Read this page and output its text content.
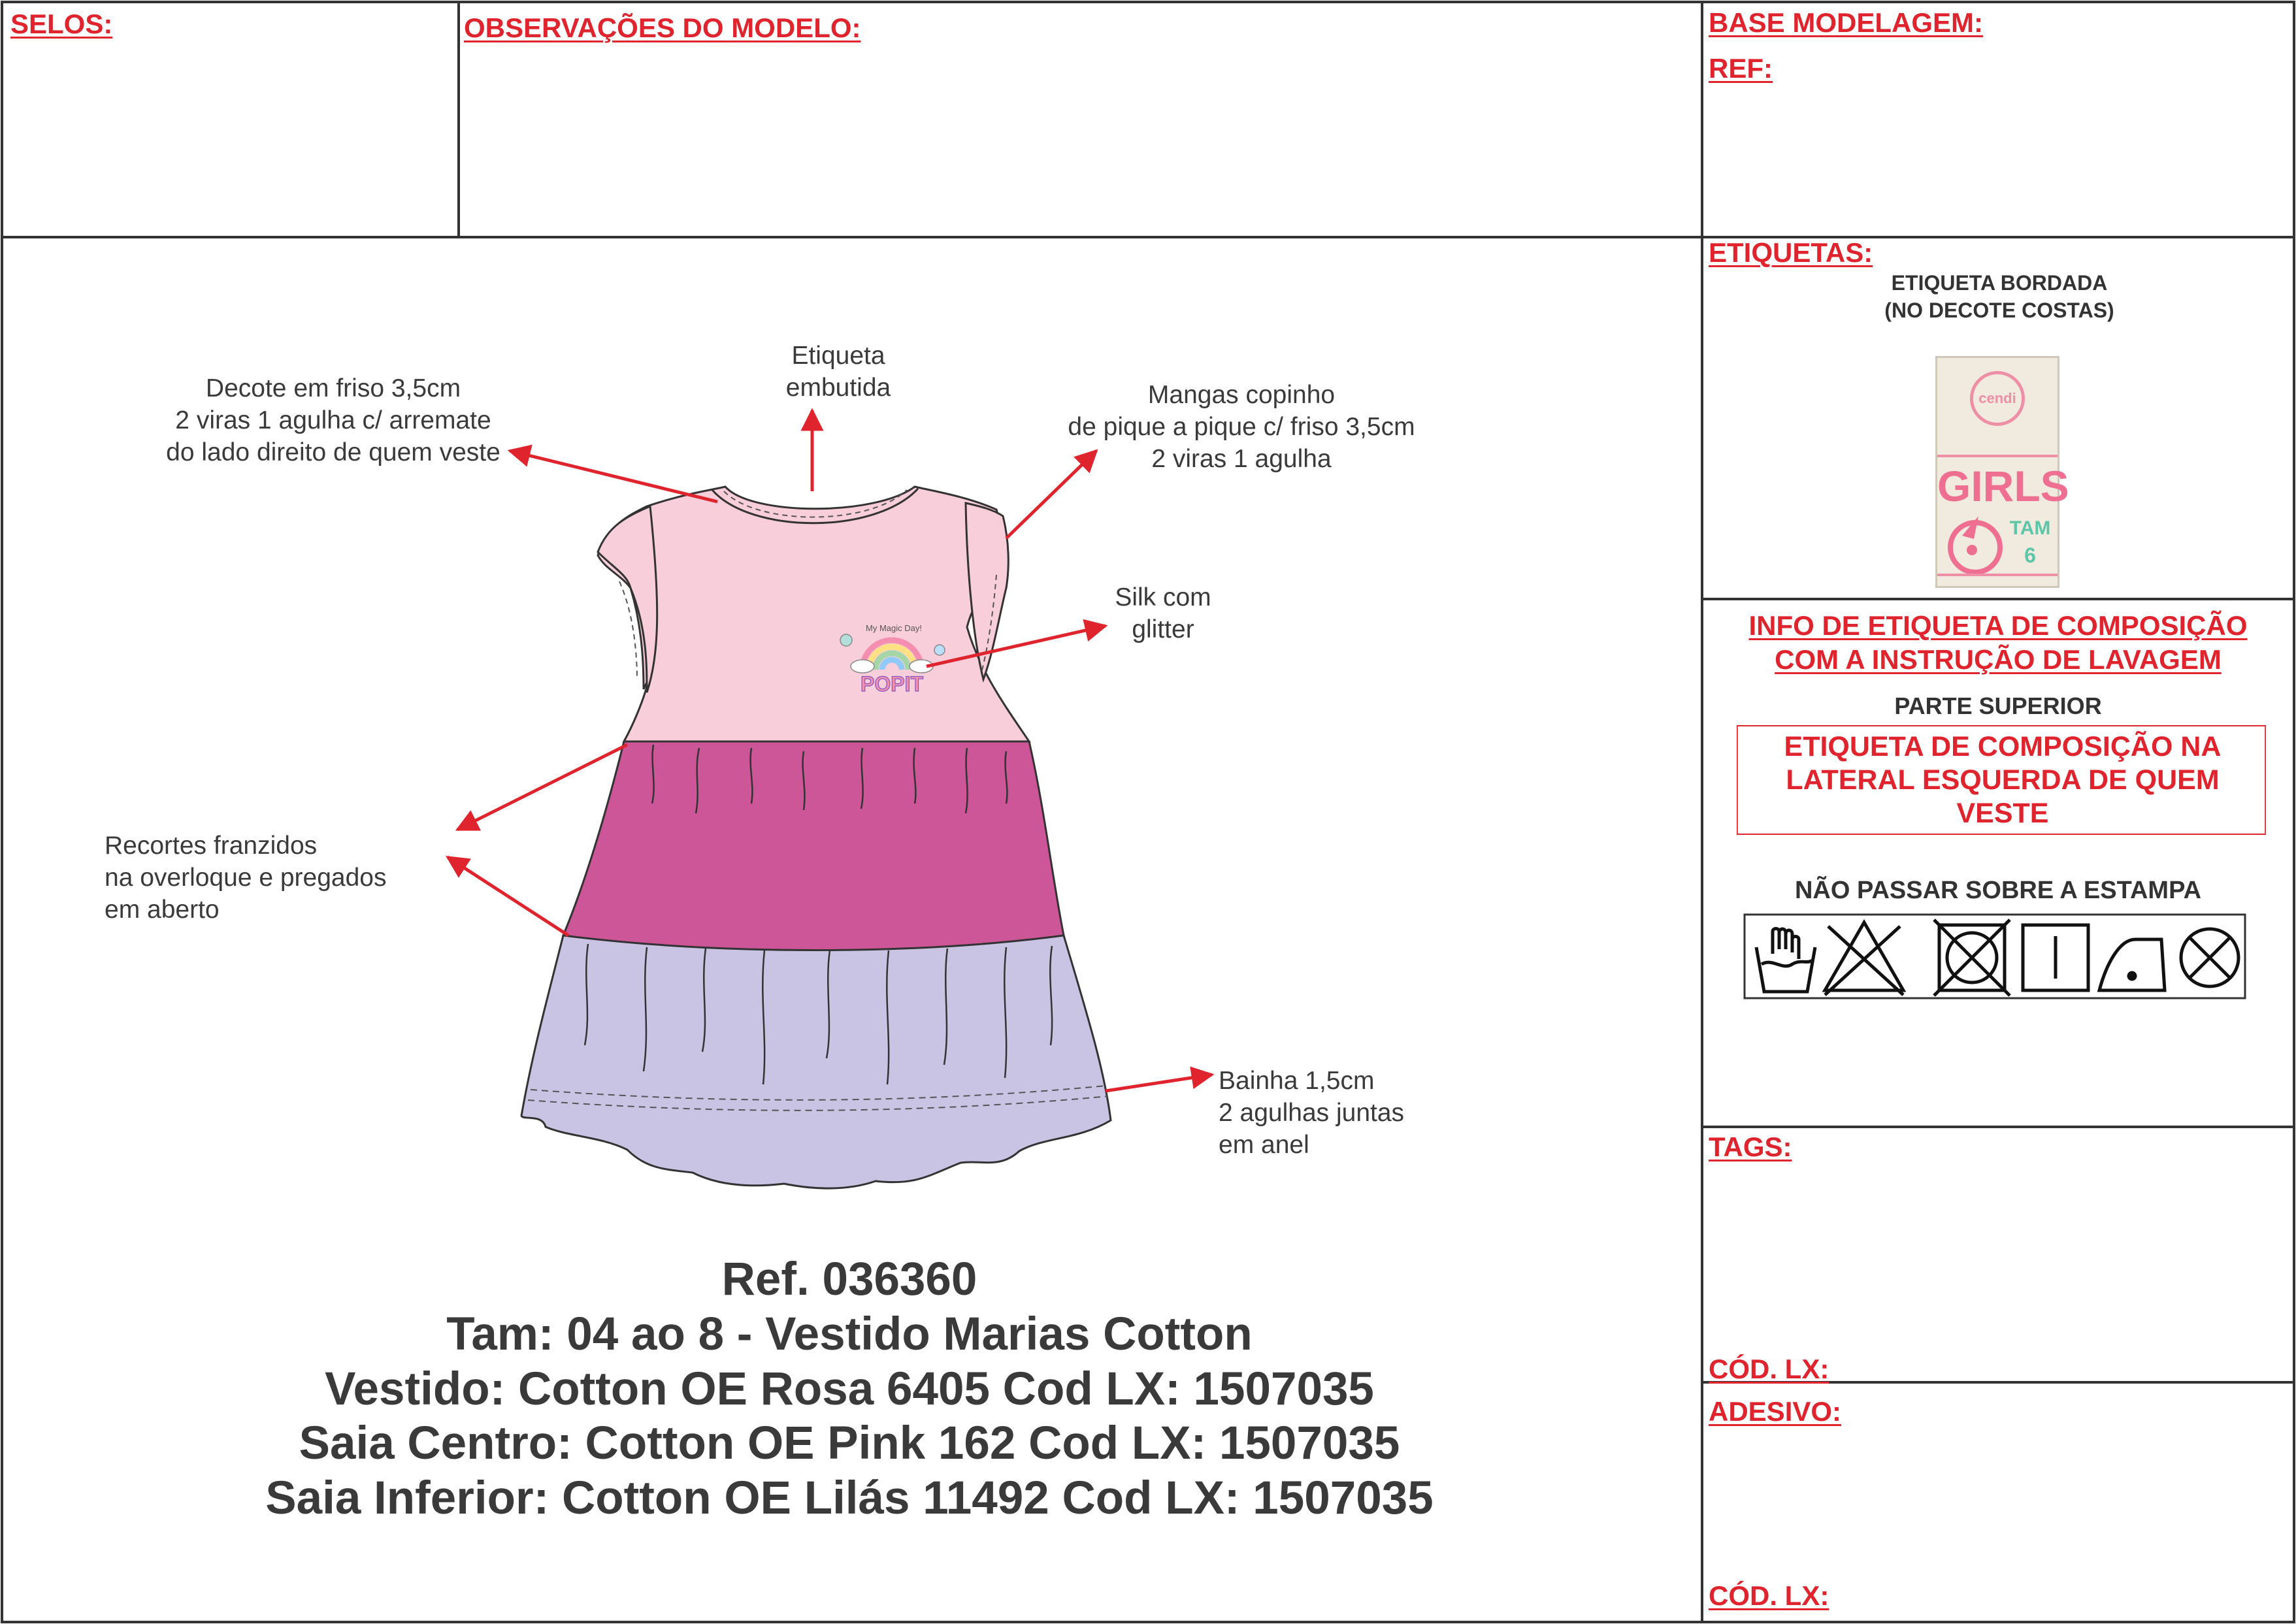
SELOS:	OBSERVAÇÕES DO MODELO:	BASE MODELAGEM:
REF:
My Magic Day!
POPIT
Decote em friso 3,5cm
2 viras 1 agulha c/ arremate
do lado direito de quem veste
Etiqueta
embutida	Mangas copinho
de pique a pique c/ friso 3,5cm
2 viras 1 agulha
Silk com
glitter
Recortes franzidos
na overloque e pregados
em aberto
Bainha 1,5cm
2 agulhas juntas
em anel
Ref. 036360
Tam: 04 ao 8 - Vestido Marias Cotton
Vestido: Cotton OE Rosa 6405 Cod LX: 1507035
Saia Centro: Cotton OE Pink 162 Cod LX: 1507035
Saia Inferior: Cotton OE Lilás 11492 Cod LX: 1507035
ETIQUETAS:
ETIQUETA BORDADA
(NO DECOTE COSTAS)
cendi
GIRLS
TAM
6
INFO DE ETIQUETA DE COMPOSIÇÃO
COM A INSTRUÇÃO DE LAVAGEM
PARTE SUPERIOR
ETIQUETA DE COMPOSIÇÃO NA
LATERAL ESQUERDA DE QUEM
VESTE
NÃO PASSAR SOBRE A ESTAMPA
TAGS:
CÓD. LX:
ADESIVO:
CÓD. LX:
